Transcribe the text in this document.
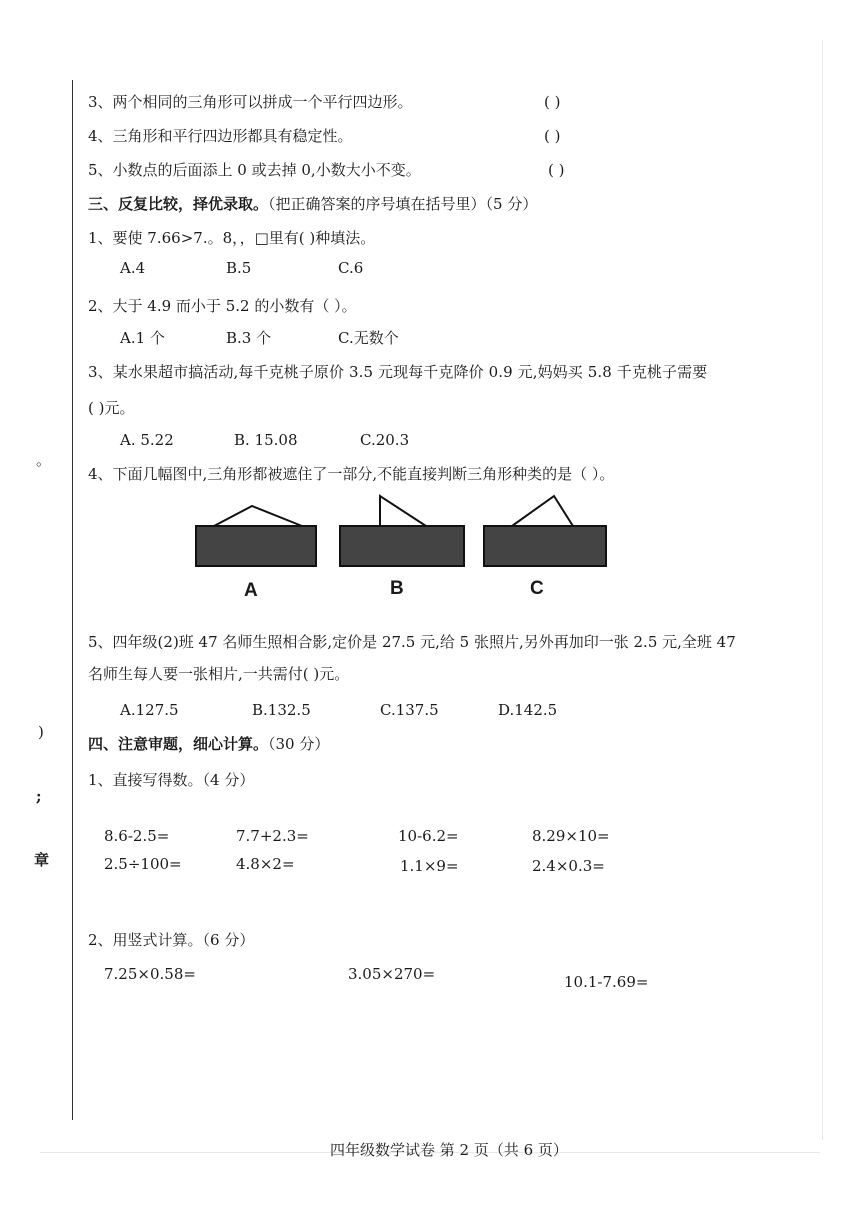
。
)
;
章
3、两个相同的三角形可以拼成一个平行四边形。	( )
4、三角形和平行四边形都具有稳定性。	( )
5、小数点的后面添上 0 或去掉 0,小数大小不变。	( )
三、反复比较，择优录取。（把正确答案的序号填在括号里）（5 分）
1、要使 7.66>7.。8，，□里有( )种填法。
A.4	B.5	C.6
2、大于 4.9 而小于 5.2 的小数有（ ）。
A.1 个	B.3 个	C.无数个
3、某水果超市搞活动,每千克桃子原价 3.5 元现每千克降价 0.9 元,妈妈买 5.8 千克桃子需要
( )元。
A. 5.22	B. 15.08	C.20.3
4、下面几幅图中,三角形都被遮住了一部分,不能直接判断三角形种类的是（ ）。
A	B	C
5、四年级(2)班 47 名师生照相合影,定价是 27.5 元,给 5 张照片,另外再加印一张 2.5 元,全班 47
名师生每人要一张相片,一共需付( )元。
A.127.5	B.132.5	C.137.5	D.142.5
四、注意审题，细心计算。（30 分）
1、直接写得数。（4 分）
8.6-2.5=	7.7+2.3=	10-6.2=	8.29×10=
2.5÷100=	4.8×2=	1.1×9=	2.4×0.3=
2、用竖式计算。（6 分）
7.25×0.58=	3.05×270=	10.1-7.69=
四年级数学试卷 第 2 页（共 6 页）
